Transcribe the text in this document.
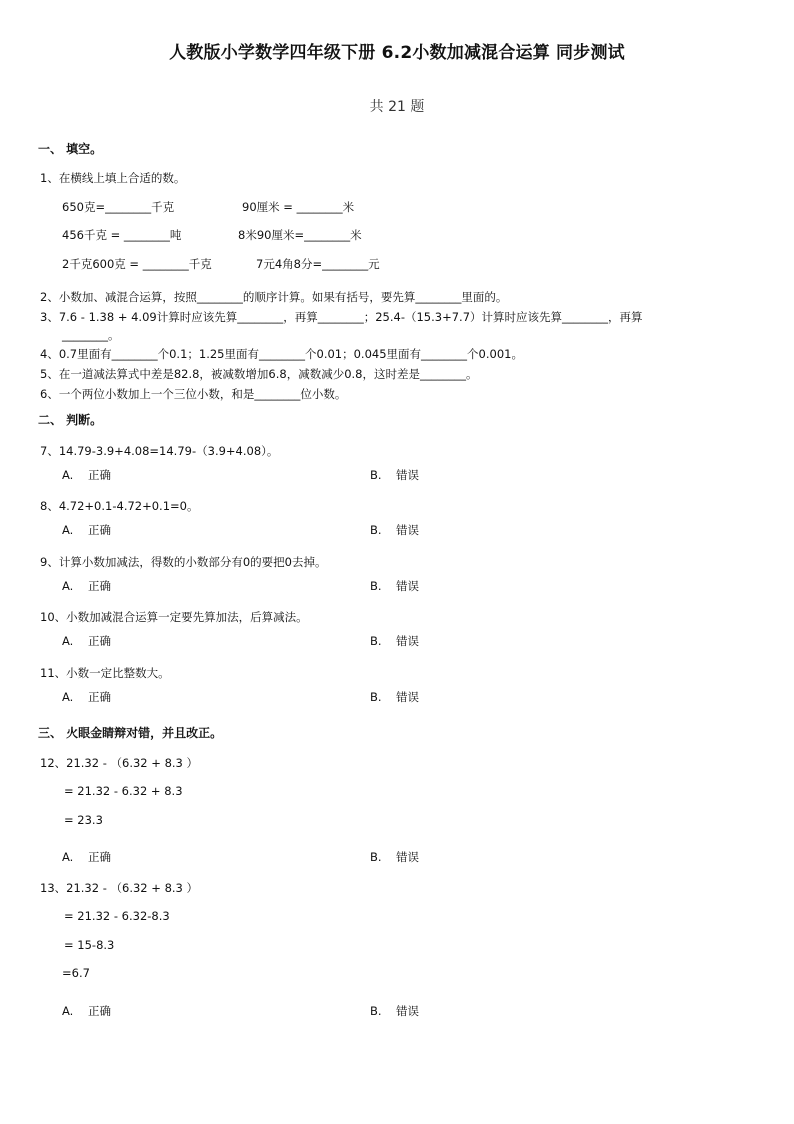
人教版小学数学四年级下册 6.2小数加减混合运算 同步测试
共 21 题
一、 填空。
1、在横线上填上合适的数。
650克=________千克	90厘米 = ________米
456千克 = ________吨	8米90厘米=________米
2千克600克 = ________千克	7元4角8分=________元
2、小数加、减混合运算，按照________的顺序计算。如果有括号，要先算________里面的。
3、7.6 - 1.38 + 4.09计算时应该先算________，再算________；25.4-（15.3+7.7）计算时应该先算________，再算
________。
4、0.7里面有________个0.1；1.25里面有________个0.01；0.045里面有________个0.001。
5、在一道减法算式中差是82.8，被减数增加6.8，减数减少0.8，这时差是________。
6、一个两位小数加上一个三位小数，和是________位小数。
二、 判断。
7、14.79-3.9+4.08=14.79-（3.9+4.08）。
A. 正确	B. 错误
8、4.72+0.1-4.72+0.1=0。
A. 正确	B. 错误
9、计算小数加减法，得数的小数部分有0的要把0去掉。
A. 正确	B. 错误
10、小数加减混合运算一定要先算加法，后算减法。
A. 正确	B. 错误
11、小数一定比整数大。
A. 正确	B. 错误
三、 火眼金睛辩对错，并且改正。
12、21.32 - （6.32 + 8.3 ）
= 21.32 - 6.32 + 8.3
= 23.3
A. 正确	B. 错误
13、21.32 - （6.32 + 8.3 ）
= 21.32 - 6.32-8.3
= 15-8.3
=6.7
A. 正确	B. 错误
